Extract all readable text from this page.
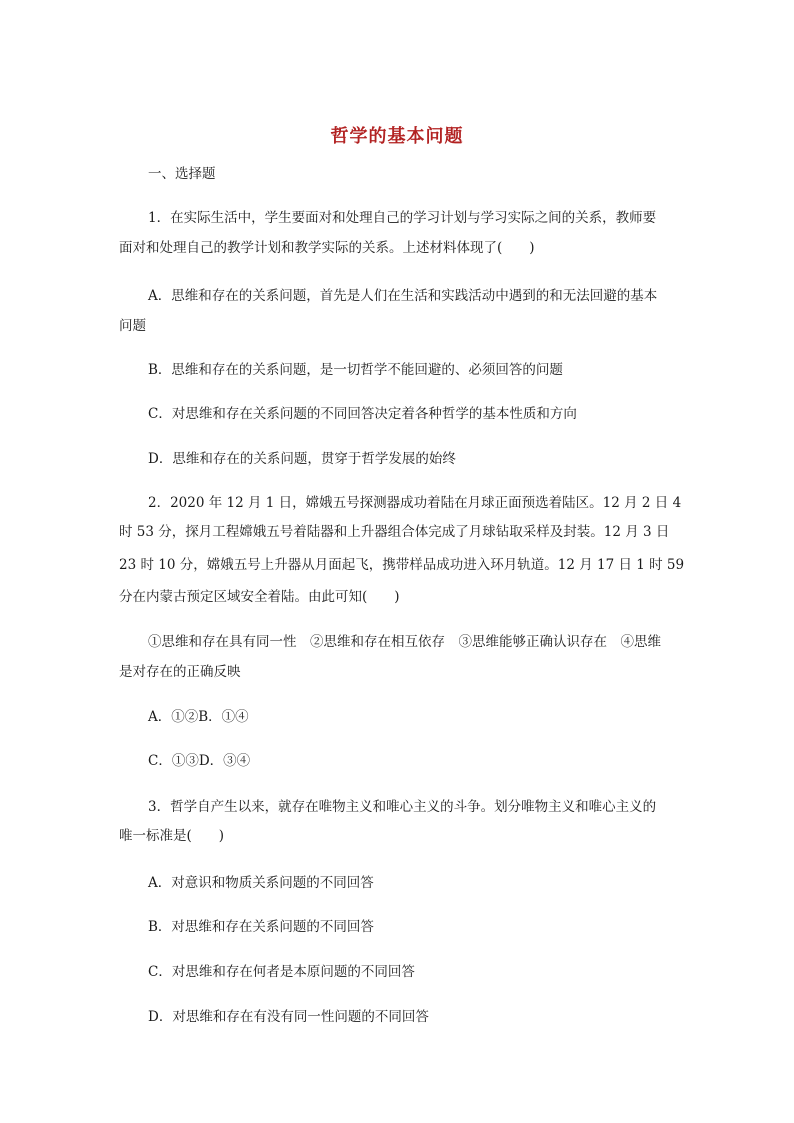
哲学的基本问题
一、选择题
1．在实际生活中，学生要面对和处理自己的学习计划与学习实际之间的关系，教师要
面对和处理自己的教学计划和教学实际的关系。上述材料体现了(　　)
A．思维和存在的关系问题，首先是人们在生活和实践活动中遇到的和无法回避的基本
问题
B．思维和存在的关系问题，是一切哲学不能回避的、必须回答的问题
C．对思维和存在关系问题的不同回答决定着各种哲学的基本性质和方向
D．思维和存在的关系问题，贯穿于哲学发展的始终
2．2020 年 12 月 1 日，嫦娥五号探测器成功着陆在月球正面预选着陆区。12 月 2 日 4
时 53 分，探月工程嫦娥五号着陆器和上升器组合体完成了月球钻取采样及封装。12 月 3 日
23 时 10 分，嫦娥五号上升器从月面起飞，携带样品成功进入环月轨道。12 月 17 日 1 时 59
分在内蒙古预定区域安全着陆。由此可知(　　)
①思维和存在具有同一性　②思维和存在相互依存　③思维能够正确认识存在　④思维
是对存在的正确反映
A．①②B．①④
C．①③D．③④
3．哲学自产生以来，就存在唯物主义和唯心主义的斗争。划分唯物主义和唯心主义的
唯一标准是(　　)
A．对意识和物质关系问题的不同回答
B．对思维和存在关系问题的不同回答
C．对思维和存在何者是本原问题的不同回答
D．对思维和存在有没有同一性问题的不同回答
